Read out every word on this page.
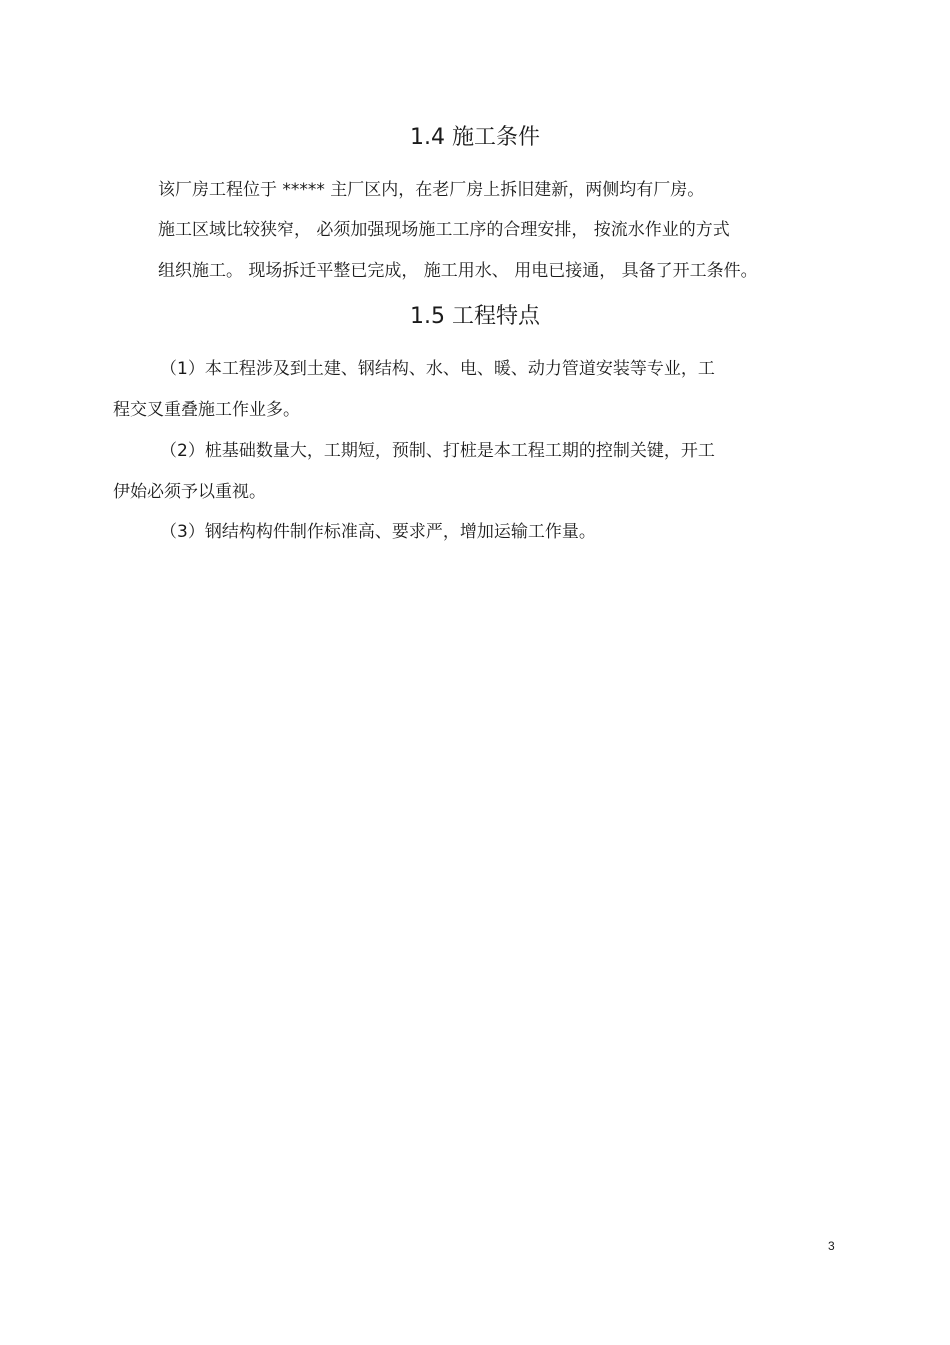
1.4 施工条件
该厂房工程位于 ***** 主厂区内，在老厂房上拆旧建新，两侧均有厂房。
施工区域比较狭窄， 必须加强现场施工工序的合理安排， 按流水作业的方式
组织施工。 现场拆迁平整已完成， 施工用水、 用电已接通， 具备了开工条件。
1.5 工程特点
（1）本工程涉及到土建、钢结构、水、电、暖、动力管道安装等专业，工
程交叉重叠施工作业多。
（2）桩基础数量大，工期短，预制、打桩是本工程工期的控制关键，开工
伊始必须予以重视。
（3）钢结构构件制作标准高、要求严，增加运输工作量。
3
